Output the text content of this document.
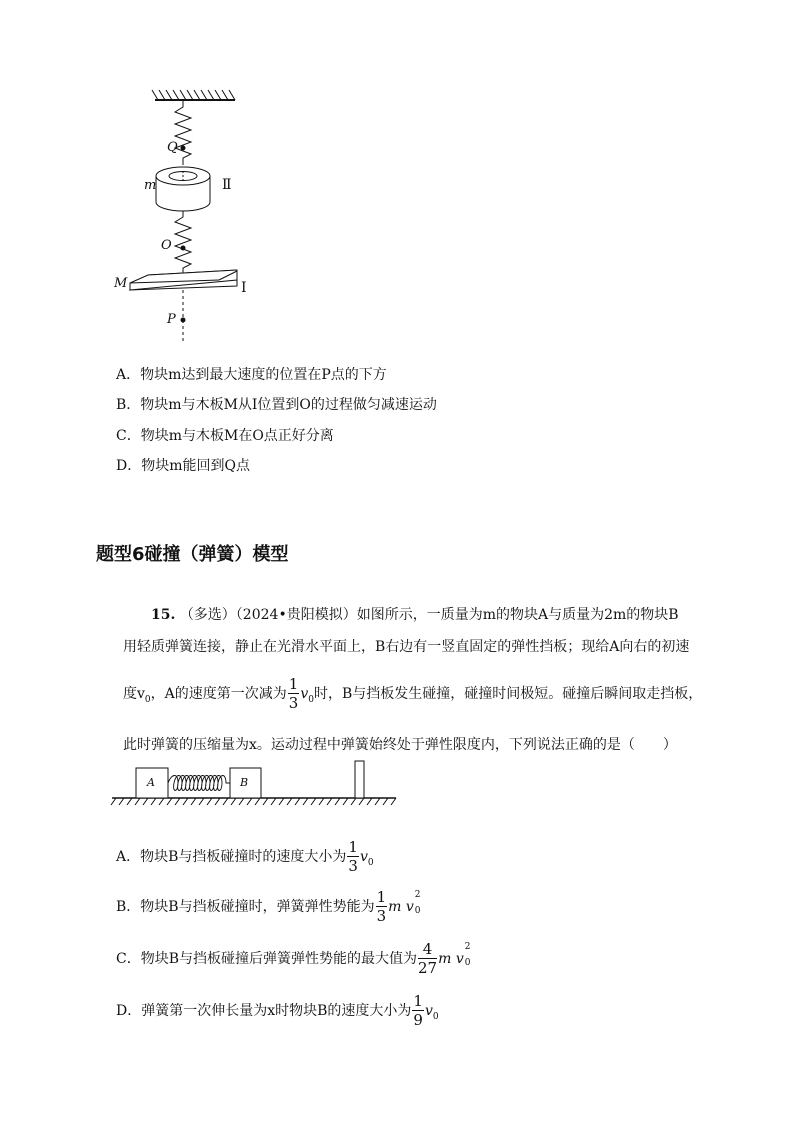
Q
m	Ⅱ
O
M	Ⅰ
P
A．物块m达到最大速度的位置在P点的下方
B．物块m与木板M从Ⅰ位置到O的过程做匀减速运动
C．物块m与木板M在O点正好分离
D．物块m能回到Q点
题型6碰撞（弹簧）模型
15. （多选）（2024•贵阳模拟）如图所示，一质量为m的物块A与质量为2m的物块B
用轻质弹簧连接，静止在光滑水平面上，B右边有一竖直固定的弹性挡板；现给A向右的初速
度$v_0$，A的速度第一次减为 $\frac{1}{3} v_0$时，B与挡板发生碰撞，碰撞时间极短。碰撞后瞬间取走挡板，
此时弹簧的压缩量为x。运动过程中弹簧始终处于弹性限度内，下列说法正确的是（　　）
A	B
A．物块B与挡板碰撞时的速度大小为 $\frac{1}{3} v_0$
B．物块B与挡板碰撞时，弹簧弹性势能为 $\frac{1}{3}$ m v
2
0

C．物块B与挡板碰撞后弹簧弹性势能的最大值为 $\frac{4}{27}$ m v
2
0

D．弹簧第一次伸长量为x时物块B的速度大小为 $\frac{1}{9} v_0$
